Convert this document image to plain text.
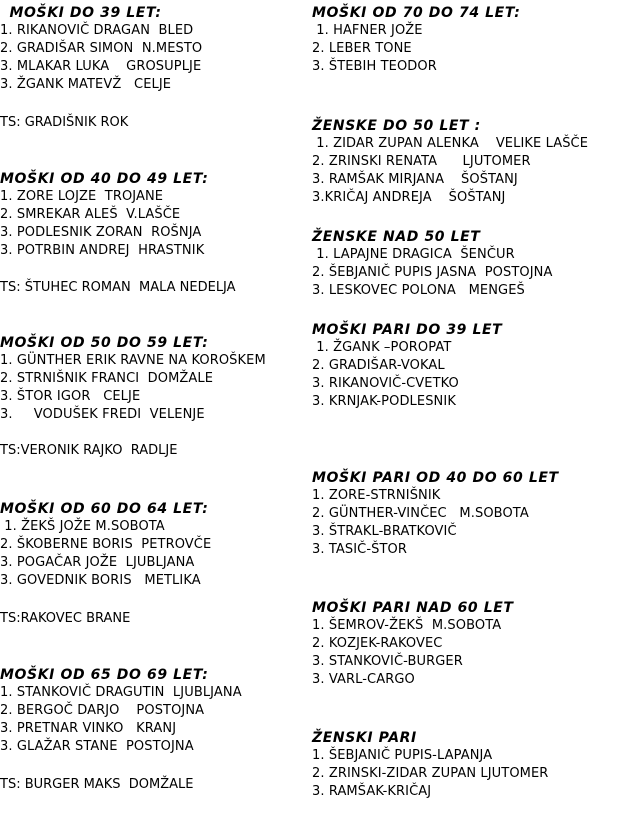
MOŠKI DO 39 LET:
1. RIKANOVIČ DRAGAN  BLED
2. GRADIŠAR SIMON  N.MESTO
3. MLAKAR LUKA    GROSUPLJE
3. ŽGANK MATEVŽ   CELJE
TS: GRADIŠNIK ROK
MOŠKI OD 40 DO 49 LET:
1. ZORE LOJZE  TROJANE
2. SMREKAR ALEŠ  V.LAŠČE
3. PODLESNIK ZORAN  ROŠNJA
3. POTRBIN ANDREJ  HRASTNIK
TS: ŠTUHEC ROMAN  MALA NEDELJA
MOŠKI OD 50 DO 59 LET:
1. GÜNTHER ERIK RAVNE NA KOROŠKEM
2. STRNIŠNIK FRANCI  DOMŽALE
3. ŠTOR IGOR   CELJE
3.     VODUŠEK FREDI  VELENJE
TS:VERONIK RAJKO  RADLJE
MOŠKI OD 60 DO 64 LET:
1. ŽEKŠ JOŽE M.SOBOTA
2. ŠKOBERNE BORIS  PETROVČE
3. POGAČAR JOŽE  LJUBLJANA
3. GOVEDNIK BORIS   METLIKA
TS:RAKOVEC BRANE
MOŠKI OD 65 DO 69 LET:
1. STANKOVIČ DRAGUTIN  LJUBLJANA
2. BERGOČ DARJO    POSTOJNA
3. PRETNAR VINKO   KRANJ
3. GLAŽAR STANE  POSTOJNA
TS: BURGER MAKS  DOMŽALE
MOŠKI OD 70 DO 74 LET:
1. HAFNER JOŽE
2. LEBER TONE
3. ŠTEBIH TEODOR
ŽENSKE DO 50 LET :
1. ZIDAR ZUPAN ALENKA    VELIKE LAŠČE
2. ZRINSKI RENATA      LJUTOMER
3. RAMŠAK MIRJANA    ŠOŠTANJ
3.KRIČAJ ANDREJA    ŠOŠTANJ
ŽENSKE NAD 50 LET
1. LAPAJNE DRAGICA  ŠENČUR
2. ŠEBJANIČ PUPIS JASNA  POSTOJNA
3. LESKOVEC POLONA   MENGEŠ
MOŠKI PARI DO 39 LET
1. ŽGANK –POROPAT
2. GRADIŠAR-VOKAL
3. RIKANOVIČ-CVETKO
3. KRNJAK-PODLESNIK
MOŠKI PARI OD 40 DO 60 LET
1. ZORE-STRNIŠNIK
2. GÜNTHER-VINČEC   M.SOBOTA
3. ŠTRAKL-BRATKOVIČ
3. TASIČ-ŠTOR
MOŠKI PARI NAD 60 LET
1. ŠEMROV-ŽEKŠ  M.SOBOTA
2. KOZJEK-RAKOVEC
3. STANKOVIČ-BURGER
3. VARL-CARGO
ŽENSKI PARI
1. ŠEBJANIČ PUPIS-LAPANJA
2. ZRINSKI-ZIDAR ZUPAN LJUTOMER
3. RAMŠAK-KRIČAJ
